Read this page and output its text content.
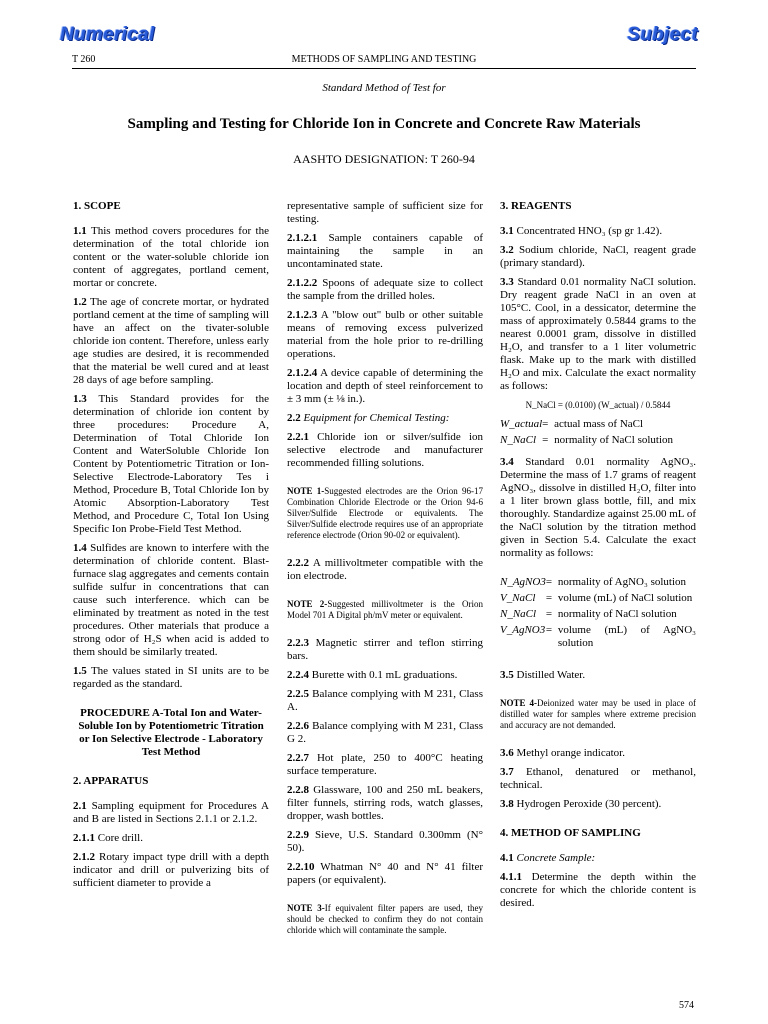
Numerical	Subject
T 260	METHODS OF SAMPLING AND TESTING
Standard Method of Test for
Sampling and Testing for Chloride Ion in Concrete and Concrete Raw Materials
AASHTO DESIGNATION: T 260-94

1. SCOPE

1.1 This method covers procedures for the determination of the total chloride ion content or the water-soluble chloride ion content of aggregates, portland cement, mortar or concrete.

1.2 The age of concrete mortar, or hydrated portland cement at the time of sampling will have an affect on the tivater-soluble chloride ion content. Therefore, unless early age studies are desired, it is recommended that the material be well cured and at least 28 days of age before sampling.

1.3 This Standard provides for the determination of chloride ion content by three procedures: Procedure A, Determination of Total Chloride Ion Content and WaterSoluble Chloride Ion Content by Potentiometric Titration or Ion-Selective Electrode-Laboratory Tes i Method, Procedure B, Total Chloride Ion by Atomic Absorption-Laboratory Test Method, and Procedure C, Total Ion Using Specific Ion Probe-Field Test Method.

1.4 Sulfides are known to interfere with the determination of chloride content. Blast-furnace slag aggregates and cements contain sulfide sulfur in concentrations that can cause such interference. which can be eliminated by treatment as noted in the test procedures. Other materials that produce a strong odor of H₂S when acid is added to them should be similarly treated.

1.5 The values stated in SI units are to be regarded as the standard.

PROCEDURE A-Total Ion and Water-Soluble Ion by Potentiometric Titration or Ion Selective Electrode - Laboratory Test Method

2. APPARATUS

2.1 Sampling equipment for Procedures A and B are listed in Sections 2.1.1 or 2.1.2.

2.1.1 Core drill.

2.1.2 Rotary impact type drill with a depth indicator and drill or pulverizing bits of sufficient diameter to provide a

representative sample of sufficient size for testing.

2.1.2.1 Sample containers capable of maintaining the sample in an uncontaminated state.

2.1.2.2 Spoons of adequate size to collect the sample from the drilled holes.

2.1.2.3 A "blow out" bulb or other suitable means of removing excess pulverized material from the hole prior to re-drilling operations.

2.1.2.4 A device capable of determining the location and depth of steel reinforcement to ± 3 mm (± ⅛ in.).

2.2 Equipment for Chemical Testing:

2.2.1 Chloride ion or silver/sulfide ion selective electrode and manufacturer recommended filling solutions.

NOTE 1-Suggested electrodes are the Orion 96-17 Combination Chloride Electrode or the Orion 94-6 Silver/Sulfide Electrode or equivalents. The Silver/Sulfide electrode requires use of an appropriate reference electrode (Orion 90-02 or equivalent).

2.2.2 A millivoltmeter compatible with the ion electrode.

NOTE 2-Suggested millivoltmeter is the Orion Model 701 A Digital ph/mV meter or equivalent.

2.2.3 Magnetic stirrer and teflon stirring bars.

2.2.4 Burette with 0.1 mL graduations.

2.2.5 Balance complying with M 231, Class A.

2.2.6 Balance complying with M 231, Class G 2.

2.2.7 Hot plate, 250 to 400°C heating surface temperature.

2.2.8 Glassware, 100 and 250 mL beakers, filter funnels, stirring rods, watch glasses, dropper, wash bottles.

2.2.9 Sieve, U.S. Standard 0.300mm (N° 50).

2.2.10 Whatman N° 40 and N° 41 filter papers (or equivalent).

NOTE 3-If equivalent filter papers are used, they should be checked to confirm they do not contain chloride which will contaminate the sample.

3. REAGENTS

3.1 Concentrated HNO₃ (sp gr 1.42).

3.2 Sodium chloride, NaCl, reagent grade (primary standard).

3.3 Standard 0.01 normality NaCI solution. Dry reagent grade NaCl in an oven at 105°C. Cool, in a dessicator, determine the mass of approximately 0.5844 grams to the nearest 0.0001 gram, dissolve in distilled H₂O, and transfer to a 1 liter volumetric flask. Make up to the mark with distilled H₂O and mix. Calculate the exact normality as follows:

N_NaCl = (0.0100) (W_actual) / 0.5844
W_actual	=	actual mass of NaCl
N_NaCl	=	normality of NaCl solution

3.4 Standard 0.01 normality AgNO₃. Determine the mass of 1.7 grams of reagent AgNO₃, dissolve in distilled H₂O, filter into a 1 liter brown glass bottle, fill, and mix thoroughly. Standardize against 25.00 mL of the NaCl solution by the titration method given in Section 5.4. Calculate the exact normality as follows:

N_AgNO3	=	normality of AgNO₃ solution
V_NaCl	=	volume (mL) of NaCl solution
N_NaCl	=	normality of NaCl solution
V_AgNO3	=	volume (mL) of AgNO₃ solution

3.5 Distilled Water.

NOTE 4-Deionized water may be used in place of distilled water for samples where extreme precision and accuracy are not demanded.

3.6 Methyl orange indicator.

3.7 Ethanol, denatured or methanol, technical.

3.8 Hydrogen Peroxide (30 percent).

4. METHOD OF SAMPLING

4.1 Concrete Sample:

4.1.1 Determine the depth within the concrete for which the chloride content is desired.

574
